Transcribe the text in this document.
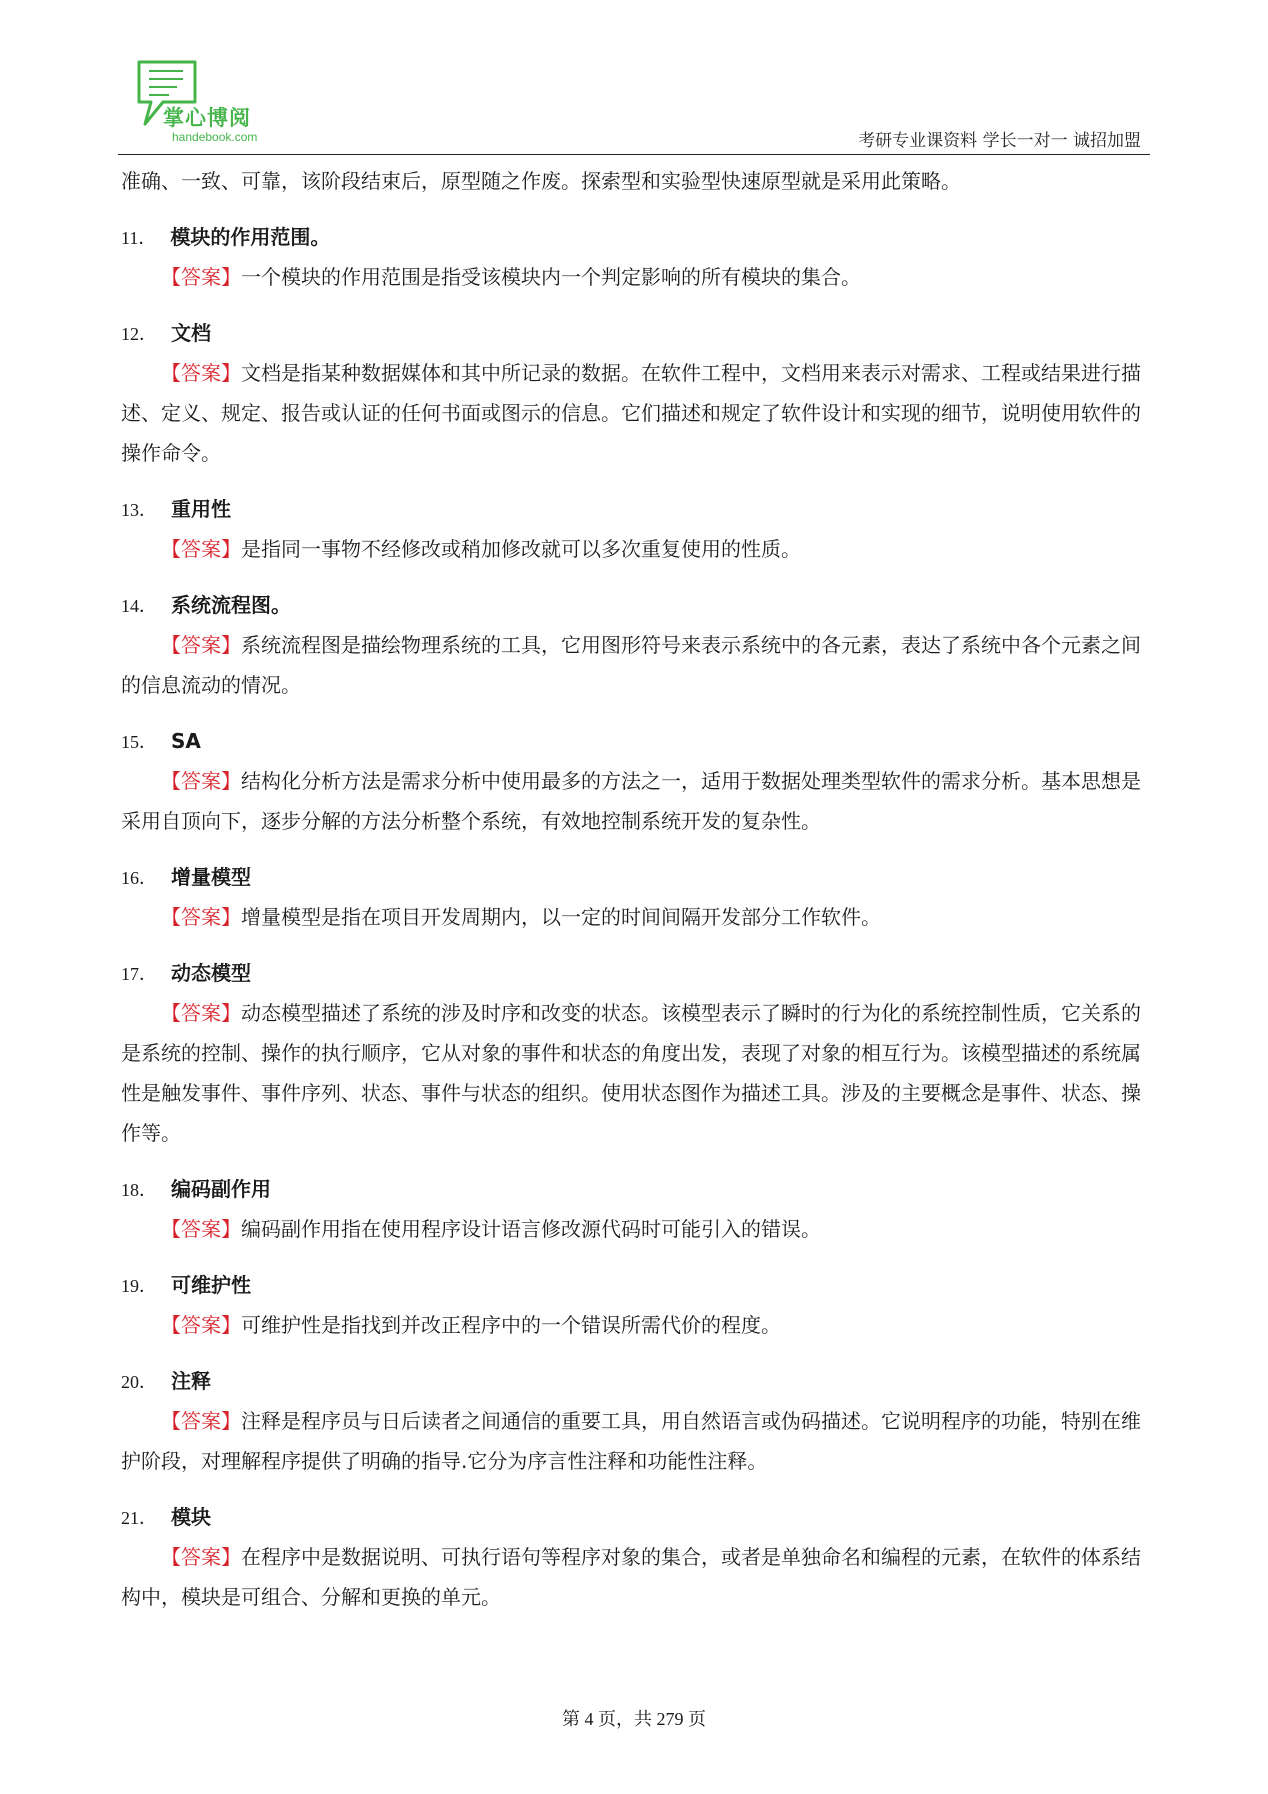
掌心博阅
handebook.com	考研专业课资料 学长一对一 诚招加盟
准确、一致、可靠，该阶段结束后，原型随之作废。探索型和实验型快速原型就是采用此策略。
11． 模块的作用范围。
【答案】一个模块的作用范围是指受该模块内一个判定影响的所有模块的集合。
12． 文档
【答案】文档是指某种数据媒体和其中所记录的数据。在软件工程中，文档用来表示对需求、工程或结果进行描述、定义、规定、报告或认证的任何书面或图示的信息。它们描述和规定了软件设计和实现的细节，说明使用软件的操作命令。
13． 重用性
【答案】是指同一事物不经修改或稍加修改就可以多次重复使用的性质。
14． 系统流程图。
【答案】系统流程图是描绘物理系统的工具，它用图形符号来表示系统中的各元素，表达了系统中各个元素之间的信息流动的情况。
15． SA
【答案】结构化分析方法是需求分析中使用最多的方法之一，适用于数据处理类型软件的需求分析。基本思想是采用自顶向下，逐步分解的方法分析整个系统，有效地控制系统开发的复杂性。
16． 增量模型
【答案】增量模型是指在项目开发周期内，以一定的时间间隔开发部分工作软件。
17． 动态模型
【答案】动态模型描述了系统的涉及时序和改变的状态。该模型表示了瞬时的行为化的系统控制性质，它关系的是系统的控制、操作的执行顺序，它从对象的事件和状态的角度出发，表现了对象的相互行为。该模型描述的系统属性是触发事件、事件序列、状态、事件与状态的组织。使用状态图作为描述工具。涉及的主要概念是事件、状态、操作等。
18． 编码副作用
【答案】编码副作用指在使用程序设计语言修改源代码时可能引入的错误。
19． 可维护性
【答案】可维护性是指找到并改正程序中的一个错误所需代价的程度。
20． 注释
【答案】注释是程序员与日后读者之间通信的重要工具，用自然语言或伪码描述。它说明程序的功能，特别在维护阶段，对理解程序提供了明确的指导.它分为序言性注释和功能性注释。
21． 模块
【答案】在程序中是数据说明、可执行语句等程序对象的集合，或者是单独命名和编程的元素，在软件的体系结构中，模块是可组合、分解和更换的单元。
第 4 页，共 279 页
